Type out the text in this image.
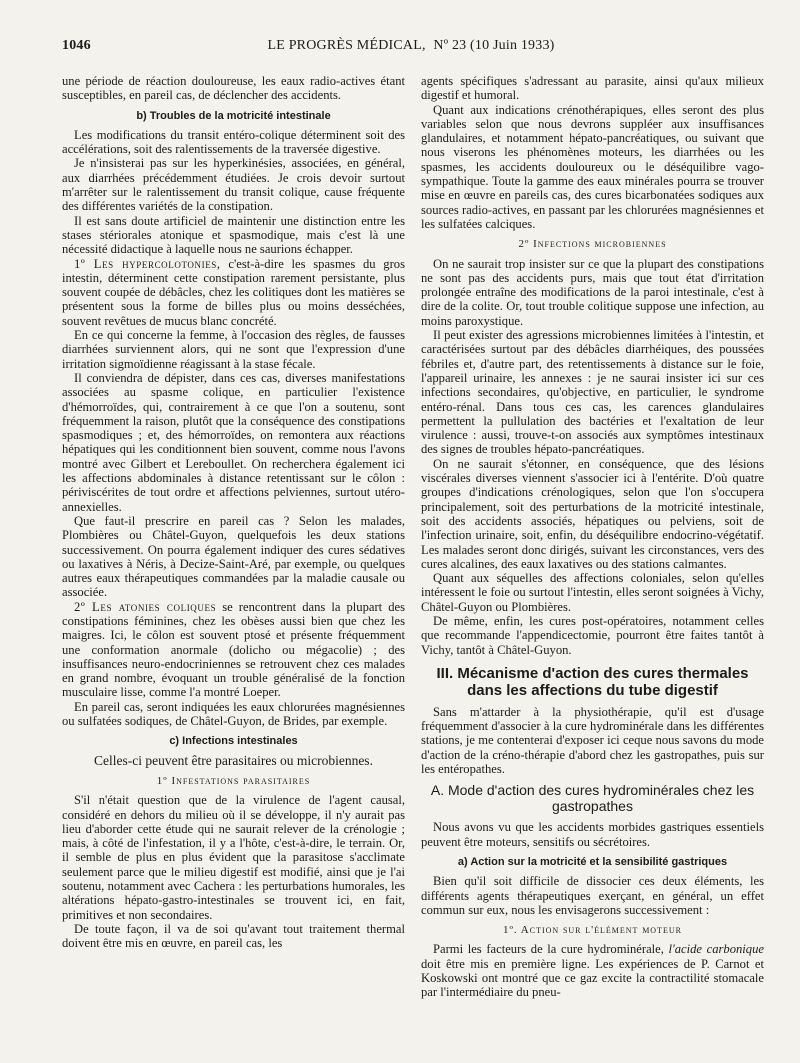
1046	LE PROGRÈS MÉDICAL, Nº 23 (10 Juin 1933)

une période de réaction douloureuse, les eaux radio-actives étant susceptibles, en pareil cas, de déclencher des accidents.

b) Troubles de la motricité intestinale

Les modifications du transit entéro-colique déterminent soit des accélérations, soit des ralentissements de la traversée digestive.

Je n'insisterai pas sur les hyperkinésies, associées, en général, aux diarrhées précédemment étudiées. Je crois devoir surtout m'arrêter sur le ralentissement du transit colique, cause fréquente des différentes variétés de la constipation.

Il est sans doute artificiel de maintenir une distinction entre les stases stériorales atonique et spasmodique, mais c'est là une nécessité didactique à laquelle nous ne saurions échapper.

1º Les hypercolotonies, c'est-à-dire les spasmes du gros intestin, déterminent cette constipation rarement persistante, plus souvent coupée de débâcles, chez les colitiques dont les matières se présentent sous la forme de billes plus ou moins desséchées, souvent revêtues de mucus blanc concrété.

En ce qui concerne la femme, à l'occasion des règles, de fausses diarrhées surviennent alors, qui ne sont que l'expression d'une irritation sigmoïdienne réagissant à la stase fécale.

Il conviendra de dépister, dans ces cas, diverses manifestations associées au spasme colique, en particulier l'existence d'hémorroïdes, qui, contrairement à ce que l'on a soutenu, sont fréquemment la raison, plutôt que la conséquence des constipations spasmodiques ; et, des hémorroïdes, on remontera aux réactions hépatiques qui les conditionnent bien souvent, comme nous l'avons montré avec Gilbert et Lereboullet. On recherchera également ici les affections abdominales à distance retentissant sur le côlon : périviscérites de tout ordre et affections pelviennes, surtout utéro-annexielles.

Que faut-il prescrire en pareil cas ? Selon les malades, Plombières ou Châtel-Guyon, quelquefois les deux stations successivement. On pourra également indiquer des cures sédatives ou laxatives à Néris, à Decize-Saint-Aré, par exemple, ou quelques autres eaux thérapeutiques commandées par la maladie causale ou associée.

2º Les atonies coliques se rencontrent dans la plupart des constipations féminines, chez les obèses aussi bien que chez les maigres. Ici, le côlon est souvent ptosé et présente fréquemment une conformation anormale (dolicho ou mégacolie) ; des insuffisances neuro-endocriniennes se retrouvent chez ces malades en grand nombre, évoquant un trouble généralisé de la fonction musculaire lisse, comme l'a montré Loeper.

En pareil cas, seront indiquées les eaux chlorurées magnésiennes ou sulfatées sodiques, de Châtel-Guyon, de Brides, par exemple.

c) Infections intestinales

Celles-ci peuvent être parasitaires ou microbiennes.

1º Infestations parasitaires

S'il n'était question que de la virulence de l'agent causal, considéré en dehors du milieu où il se développe, il n'y aurait pas lieu d'aborder cette étude qui ne saurait relever de la crénologie ; mais, à côté de l'infestation, il y a l'hôte, c'est-à-dire, le terrain. Or, il semble de plus en plus évident que la parasitose s'acclimate seulement parce que le milieu digestif est modifié, ainsi que je l'ai soutenu, notamment avec Cachera : les perturbations humorales, les altérations hépato-gastro-intestinales se trouvent ici, en fait, primitives et non secondaires.

De toute façon, il va de soi qu'avant tout traitement thermal doivent être mis en œuvre, en pareil cas, les

agents spécifiques s'adressant au parasite, ainsi qu'aux milieux digestif et humoral.

Quant aux indications crénothérapiques, elles seront des plus variables selon que nous devrons suppléer aux insuffisances glandulaires, et notamment hépato-pancréatiques, ou suivant que nous viserons les phénomènes moteurs, les diarrhées ou les spasmes, les accidents douloureux ou le déséquilibre vago-sympathique. Toute la gamme des eaux minérales pourra se trouver mise en œuvre en pareils cas, des cures bicarbonatées sodiques aux sources radio-actives, en passant par les chlorurées magnésiennes et les sulfatées calciques.

2º Infections microbiennes

On ne saurait trop insister sur ce que la plupart des constipations ne sont pas des accidents purs, mais que tout état d'irritation prolongée entraîne des modifications de la paroi intestinale, c'est à dire de la colite. Or, tout trouble colitique suppose une infection, au moins paroxystique.

Il peut exister des agressions microbiennes limitées à l'intestin, et caractérisées surtout par des débâcles diarrhéiques, des poussées fébriles et, d'autre part, des retentissements à distance sur le foie, l'appareil urinaire, les annexes : je ne saurai insister ici sur ces infections secondaires, qu'objective, en particulier, le syndrome entéro-rénal. Dans tous ces cas, les carences glandulaires permettent la pullulation des bactéries et l'exaltation de leur virulence : aussi, trouve-t-on associés aux symptômes intestinaux des signes de troubles hépato-pancréatiques.

On ne saurait s'étonner, en conséquence, que des lésions viscérales diverses viennent s'associer ici à l'entérite. D'où quatre groupes d'indications crénologiques, selon que l'on s'occupera principalement, soit des perturbations de la motricité intestinale, soit des accidents associés, hépatiques ou pelviens, soit de l'infection urinaire, soit, enfin, du déséquilibre endocrino-végétatif. Les malades seront donc dirigés, suivant les circonstances, vers des cures alcalines, des eaux laxatives ou des stations calmantes.

Quant aux séquelles des affections coloniales, selon qu'elles intéressent le foie ou surtout l'intestin, elles seront soignées à Vichy, Châtel-Guyon ou Plombières.

De même, enfin, les cures post-opératoires, notamment celles que recommande l'appendicectomie, pourront être faites tantôt à Vichy, tantôt à Châtel-Guyon.

III. Mécanisme d'action des cures thermales dans les affections du tube digestif

Sans m'attarder à la physiothérapie, qu'il est d'usage fréquemment d'associer à la cure hydrominérale dans les différentes stations, je me contenterai d'exposer ici ceque nous savons du mode d'action de la créno-thérapie d'abord chez les gastropathes, puis sur les entéropathes.

A. Mode d'action des cures hydrominérales chez les gastropathes

Nous avons vu que les accidents morbides gastriques essentiels peuvent être moteurs, sensitifs ou sécrétoires.

a) Action sur la motricité et la sensibilité gastriques

Bien qu'il soit difficile de dissocier ces deux éléments, les différents agents thérapeutiques exerçant, en général, un effet commun sur eux, nous les envisagerons successivement :

1º. Action sur l'élément moteur

Parmi les facteurs de la cure hydrominérale, l'acide carbonique doit être mis en première ligne. Les expériences de P. Carnot et Koskowski ont montré que ce gaz excite la contractilité stomacale par l'intermédiaire du pneu-
